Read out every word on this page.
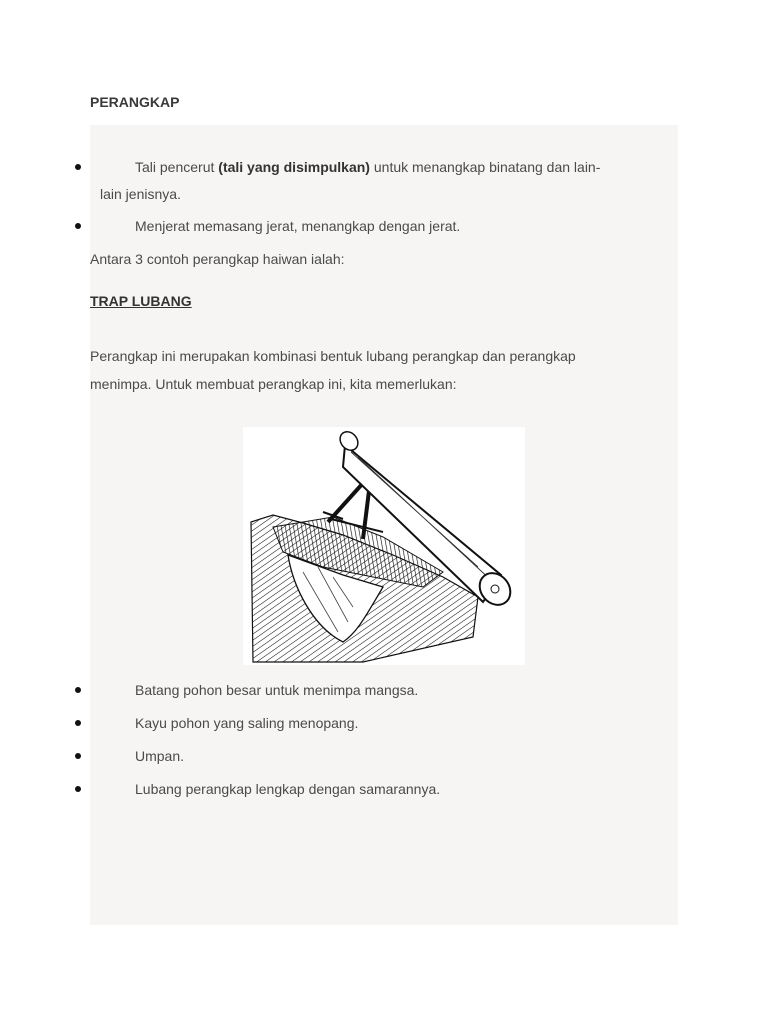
PERANGKAP
Tali pencerut (tali yang disimpulkan) untuk menangkap binatang dan lain-
lain jenisnya.
Menjerat memasang jerat, menangkap dengan jerat.
Antara 3 contoh perangkap haiwan ialah:
TRAP LUBANG
Perangkap ini merupakan kombinasi bentuk lubang perangkap dan perangkap
menimpa. Untuk membuat perangkap ini, kita memerlukan:
Batang pohon besar untuk menimpa mangsa.
Kayu pohon yang saling menopang.
Umpan.
Lubang perangkap lengkap dengan samarannya.
